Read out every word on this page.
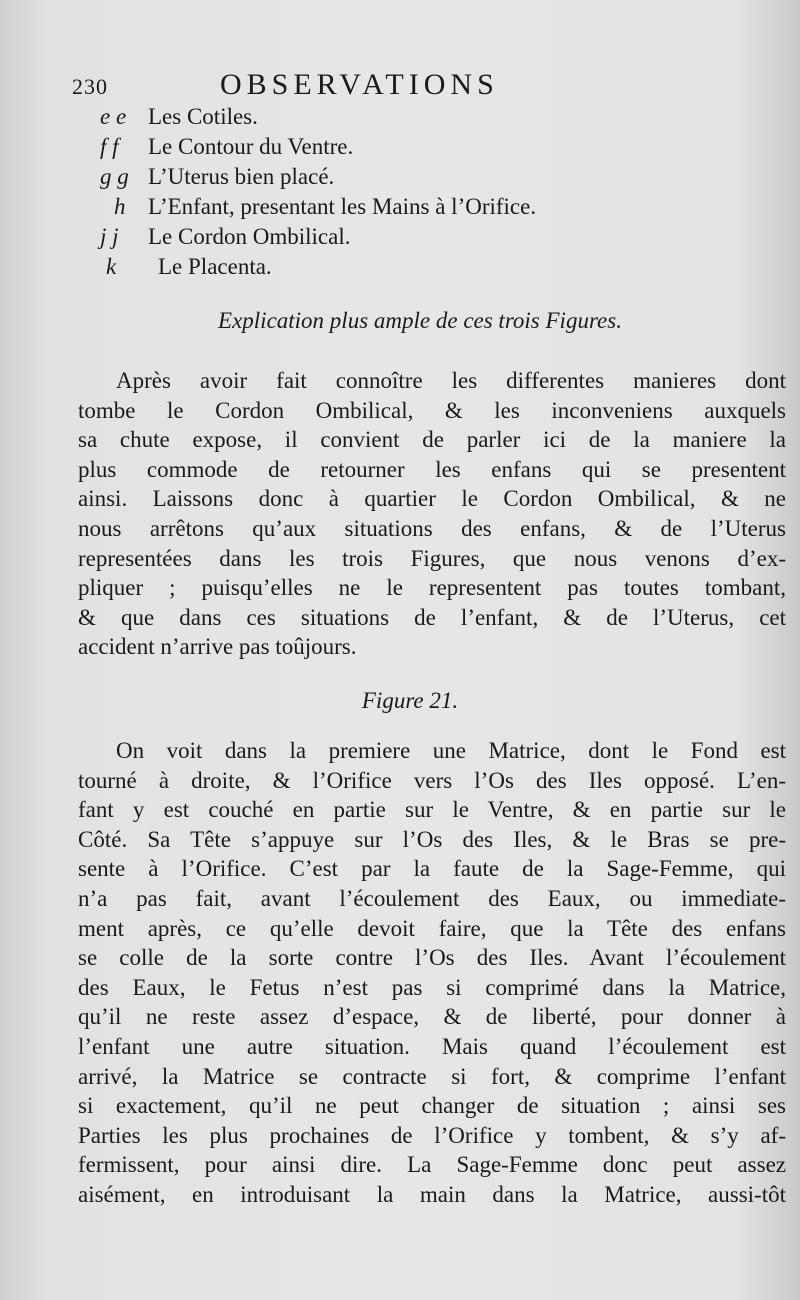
230	OBSERVATIONS
e e Les Cotiles.
f f	Le Contour du Ventre.
g g L’Uterus bien placé.
h L’Enfant, presentant les Mains à l’Orifice.
j j	Le Cordon Ombilical.
k	Le Placenta.
Explication plus ample de ces trois Figures.
Après avoir fait connoître les differentes manieres dont
tombe le Cordon Ombilical, & les inconveniens auxquels
sa chute expose, il convient de parler ici de la maniere la
plus commode de retourner les enfans qui se presentent
ainsi. Laissons donc à quartier le Cordon Ombilical, & ne
nous arrêtons qu’aux situations des enfans, & de l’Uterus
representées dans les trois Figures, que nous venons d’ex-
pliquer ; puisqu’elles ne le representent pas toutes tombant,
& que dans ces situations de l’enfant, & de l’Uterus, cet
accident n’arrive pas toûjours.
Figure 21.
On voit dans la premiere une Matrice, dont le Fond est
tourné à droite, & l’Orifice vers l’Os des Iles opposé. L’en-
fant y est couché en partie sur le Ventre, & en partie sur le
Côté. Sa Tête s’appuye sur l’Os des Iles, & le Bras se pre-
sente à l’Orifice. C’est par la faute de la Sage-Femme, qui
n’a pas fait, avant l’écoulement des Eaux, ou immediate-
ment après, ce qu’elle devoit faire, que la Tête des enfans
se colle de la sorte contre l’Os des Iles. Avant l’écoulement
des Eaux, le Fetus n’est pas si comprimé dans la Matrice,
qu’il ne reste assez d’espace, & de liberté, pour donner à
l’enfant une autre situation. Mais quand l’écoulement est
arrivé, la Matrice se contracte si fort, & comprime l’enfant
si exactement, qu’il ne peut changer de situation ; ainsi ses
Parties les plus prochaines de l’Orifice y tombent, & s’y af-
fermissent, pour ainsi dire. La Sage-Femme donc peut assez
aisément, en introduisant la main dans la Matrice, aussi-tôt
